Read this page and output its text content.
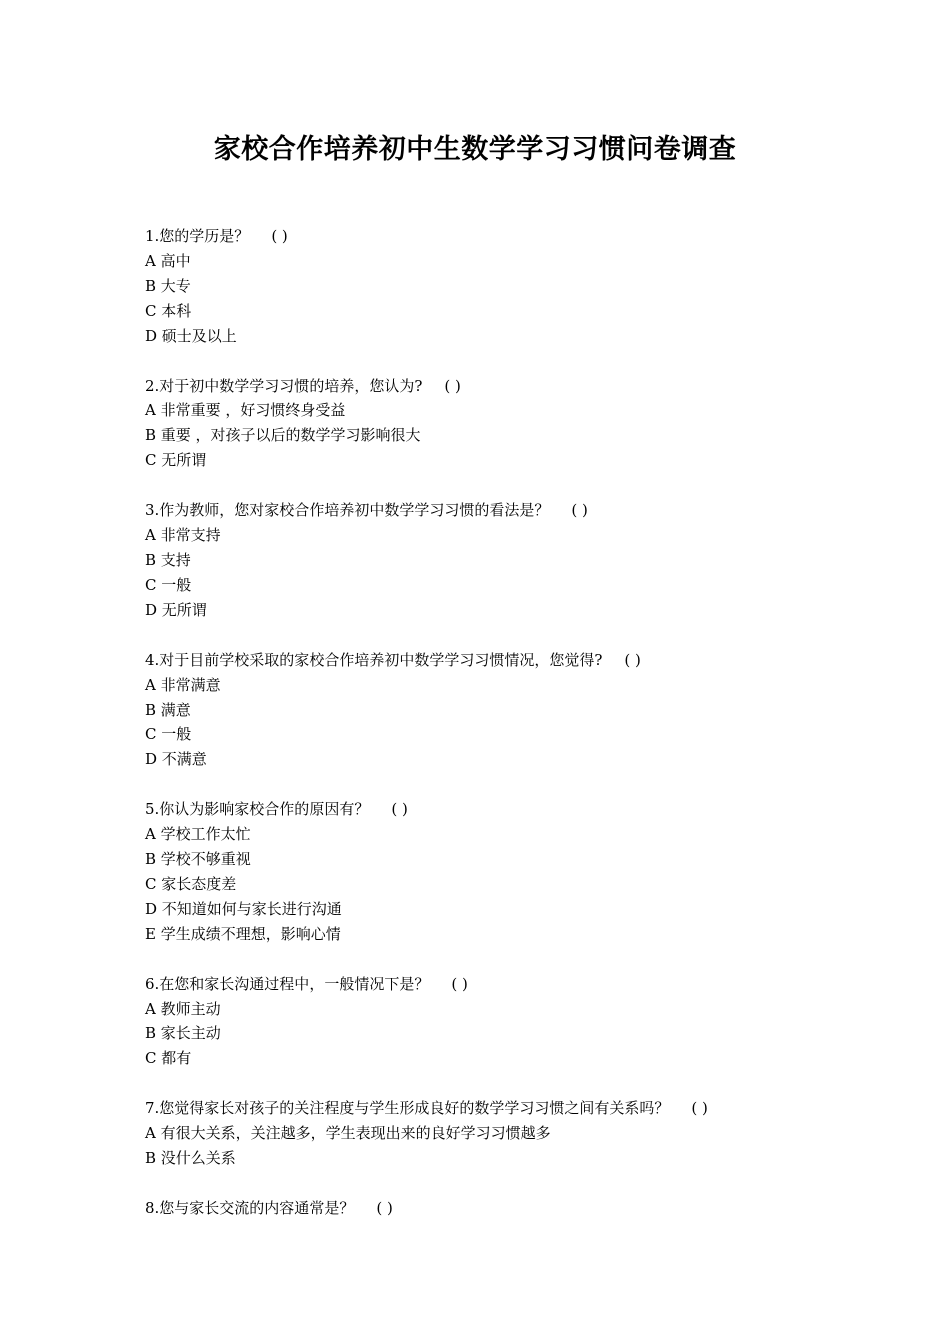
家校合作培养初中生数学学习习惯问卷调查
1.您的学历是？ ( )
A 高中
B 大专
C 本科
D 硕士及以上
2.对于初中数学学习习惯的培养，您认为? ( )
A 非常重要 ，好习惯终身受益
B 重要 ，对孩子以后的数学学习影响很大
C 无所谓
3.作为教师，您对家校合作培养初中数学学习习惯的看法是？ ( )
A 非常支持
B 支持
C 一般
D 无所谓
4.对于目前学校采取的家校合作培养初中数学学习习惯情况，您觉得? ( )
A 非常满意
B 满意
C 一般
D 不满意
5.你认为影响家校合作的原因有？ ( )
A 学校工作太忙
B 学校不够重视
C 家长态度差
D 不知道如何与家长进行沟通
E 学生成绩不理想，影响心情
6.在您和家长沟通过程中，一般情况下是？ ( )
A 教师主动
B 家长主动
C 都有
7.您觉得家长对孩子的关注程度与学生形成良好的数学学习习惯之间有关系吗？ ( )
A 有很大关系，关注越多，学生表现出来的良好学习习惯越多
B 没什么关系
8.您与家长交流的内容通常是？ ( )
